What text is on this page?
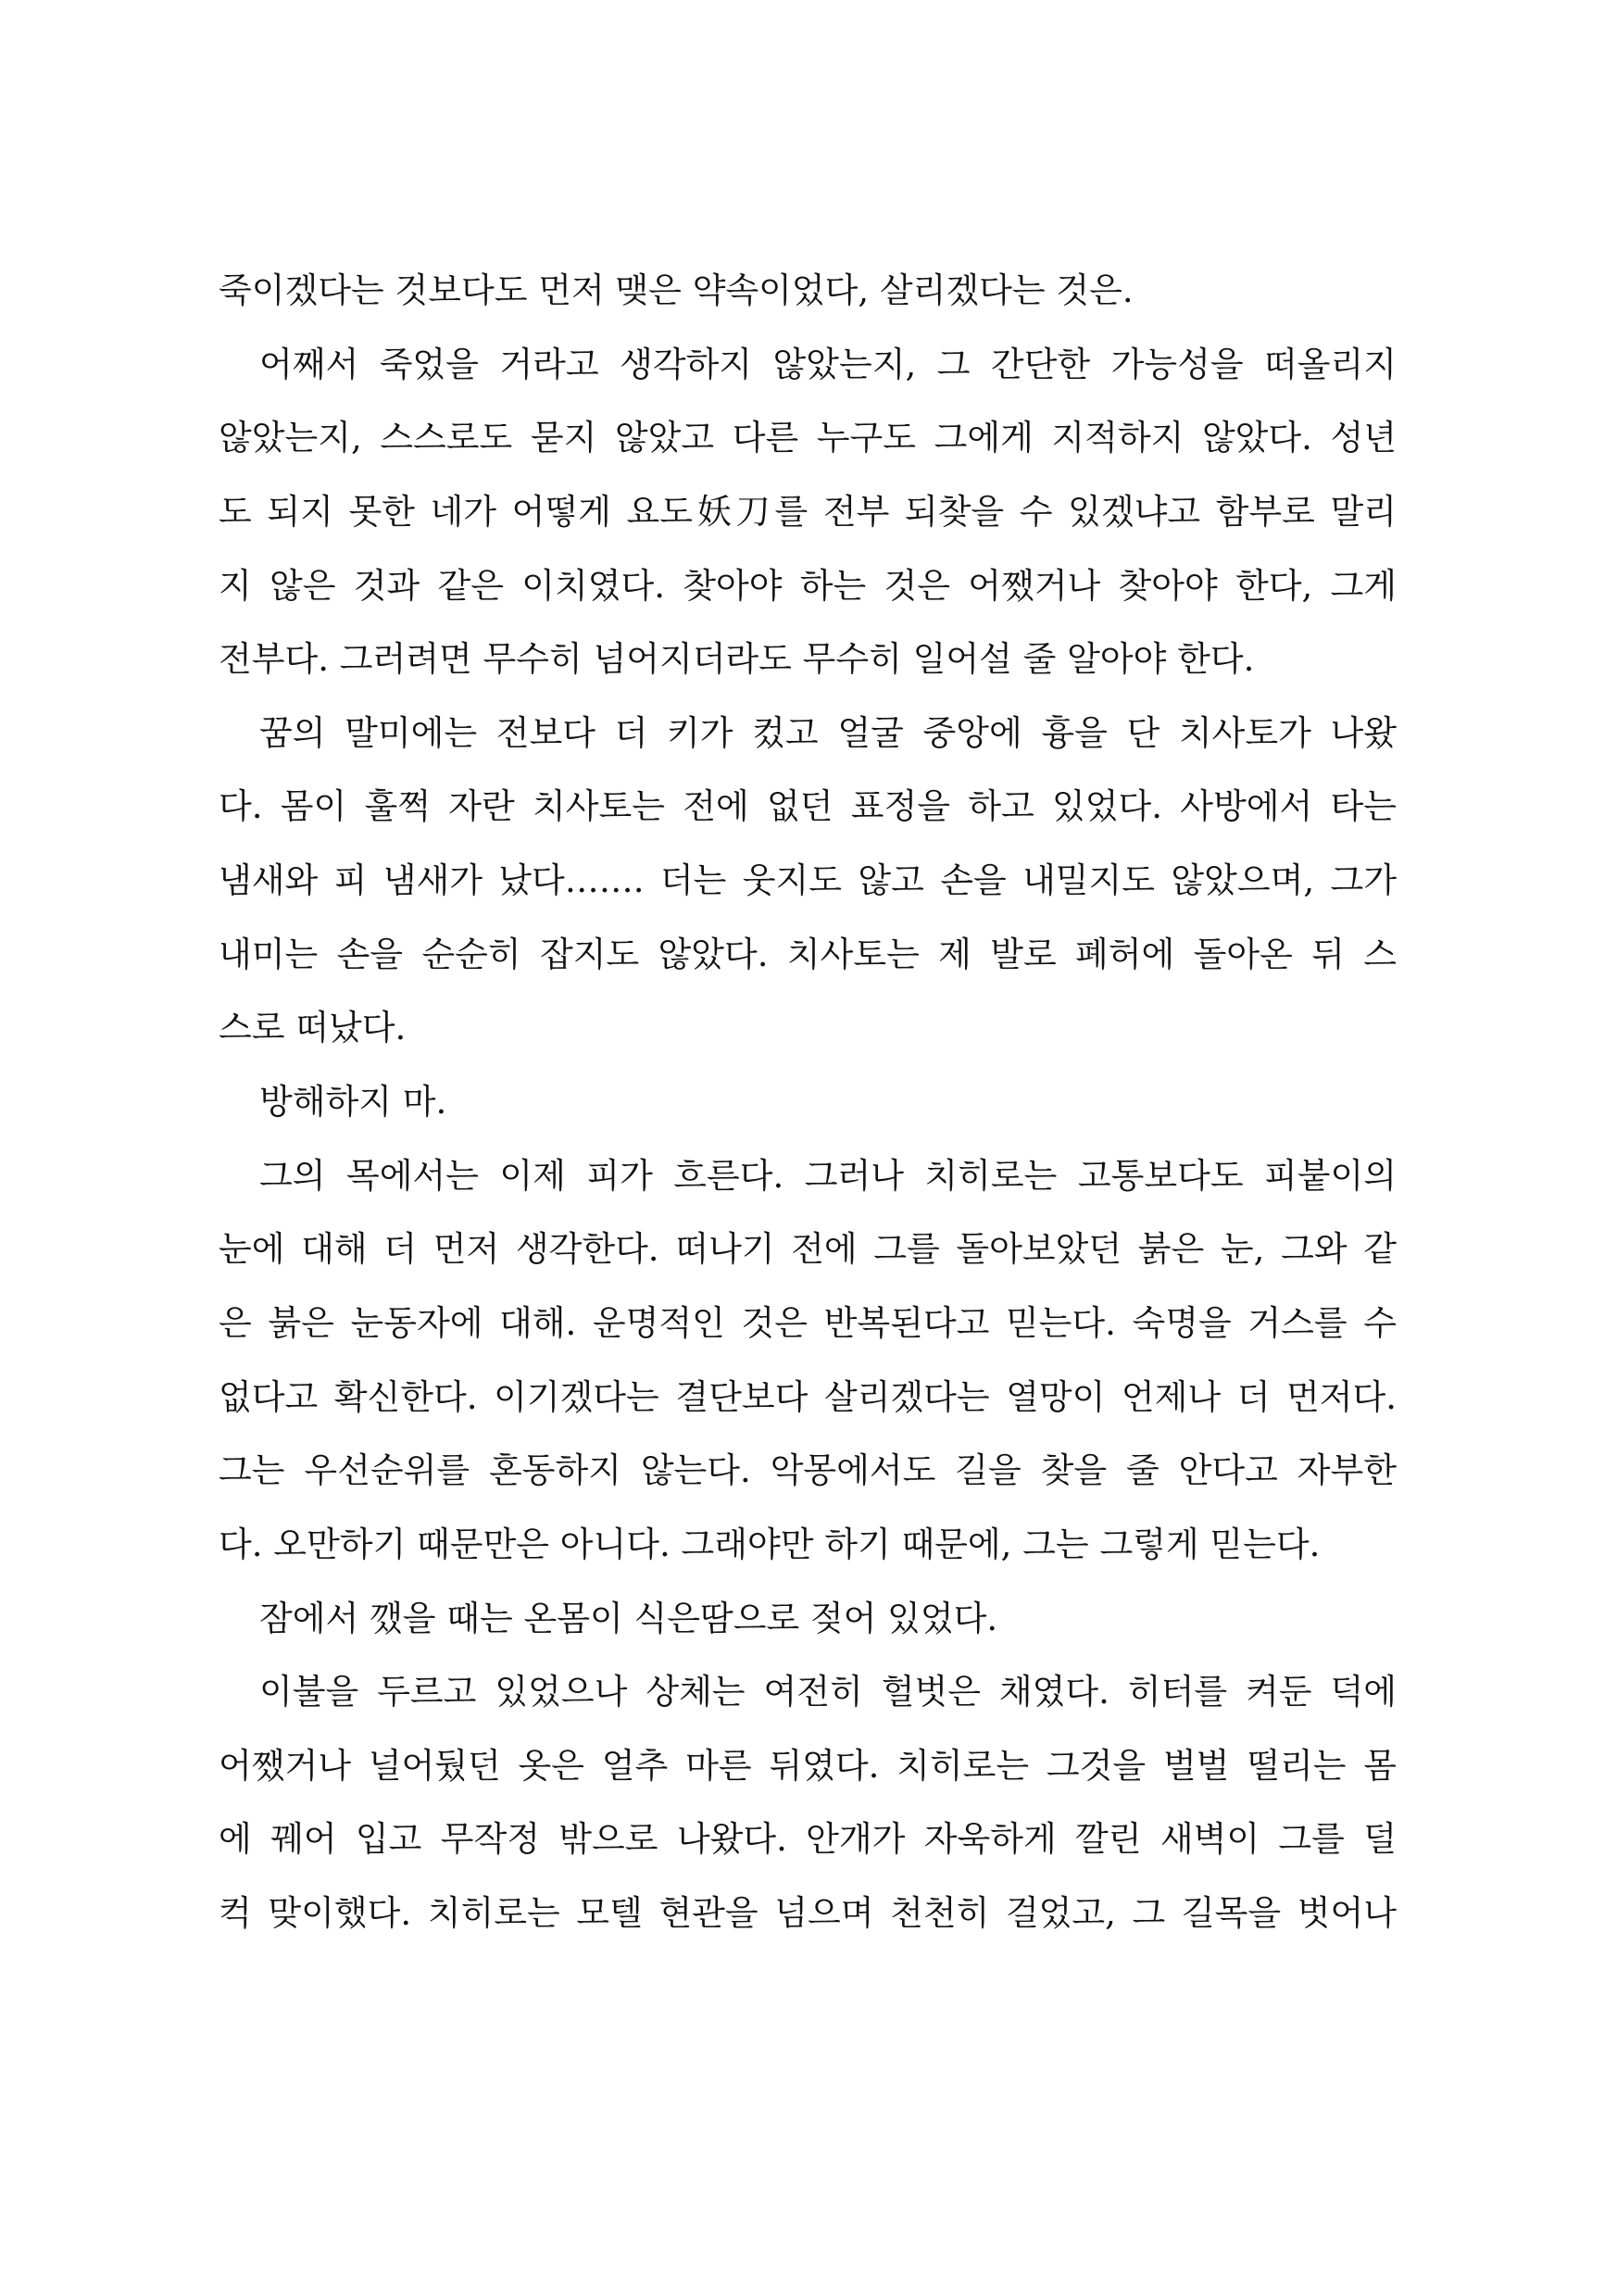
죽이겠다는 것보다도 먼저 맺은 약속이었다, 살리겠다는 것은.
어째서 죽었을 거라고 생각하지 않았는지, 그 간단한 가능성을 떠올리지
않았는지, 스스로도 묻지 않았고 다른 누구도 그에게 지적하지 않았다. 성년
도 되지 못한 네가 어떻게 요도妖刀를 전부 되찾을 수 있겠냐고 함부로 말리
지 않은 것과 같은 이치였다. 찾아야 하는 것은 어쨌거나 찾아야 한다, 그게
전부다. 그러려면 무수히 넘어지더라도 무수히 일어설 줄 알아야 한다.
꿈의 말미에는 전보다 더 키가 컸고 얼굴 중앙에 흉을 단 치사토가 나왔
다. 몸이 훌쩍 자란 치사토는 전에 없던 표정을 하고 있었다. 사방에서 타는
냄새와 피 냄새가 났다……. 더는 웃지도 않고 손을 내밀지도 않았으며, 그가
내미는 손을 순순히 잡지도 않았다. 치사토는 제 발로 폐허에 돌아온 뒤 스
스로 떠났다.
방해하지 마.
그의 목에서는 이제 피가 흐른다. 그러나 치히로는 고통보다도 피붙이의
눈에 대해 더 먼저 생각한다. 떠나기 전에 그를 돌아보았던 붉은 눈, 그와 같
은 붉은 눈동자에 대해. 운명적인 것은 반복된다고 믿는다. 숙명을 거스를 수
없다고 확신한다. 이기겠다는 결단보다 살리겠다는 열망이 언제나 더 먼저다.
그는 우선순위를 혼동하지 않는다. 악몽에서도 길을 찾을 줄 안다고 자부한
다. 오만하기 때문만은 아니다. 그래야만 하기 때문에, 그는 그렇게 믿는다.
잠에서 깼을 때는 온몸이 식은땀으로 젖어 있었다.
이불을 두르고 있었으나 상체는 여전히 헐벗은 채였다. 히터를 켜둔 덕에
어쨌거나 널어뒀던 옷은 얼추 마른 뒤였다. 치히로는 그것을 벌벌 떨리는 몸
에 꿰어 입고 무작정 밖으로 나왔다. 안개가 자욱하게 깔린 새벽이 그를 덜
컥 맞이했다. 치히로는 모텔 현관을 넘으며 천천히 걸었고, 그 길목을 벗어나
